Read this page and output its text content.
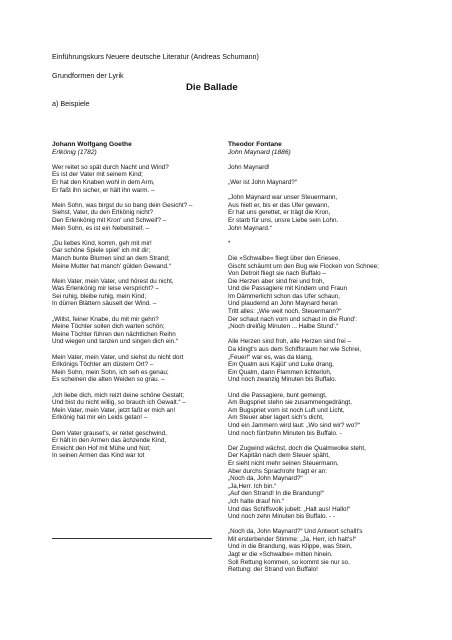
Einführungskurs Neuere deutsche Literatur (Andreas Schumann)
Grundformen der Lyrik
Die Ballade
a) Beispiele
Johann Wolfgang Goethe
Erlkönig (1782)
Wer reitet so spät durch Nacht und Wind?
Es ist der Vater mit seinem Kind;
Er hat den Knaben wohl in dem Arm,
Er faßt ihn sicher, er hält ihn warm. –
Mein Sohn, was birgst du so bang dein Gesicht? –
Siehst, Vater, du den Erlkönig nicht?
Den Erlenkönig mit Kron' und Schweif? –
Mein Sohn, es ist ein Nebelstreif. –
„Du liebes Kind, komm, geh mit mir!
Gar schöne Spiele spiel' ich mit dir;
Manch bunte Blumen sind an dem Strand;
Meine Mutter hat manch' gülden Gewand.“
Mein Vater, mein Vater, und hörest du nicht,
Was Erlenkönig mir leise verspricht? –
Sei ruhig, bleibe ruhig, mein Kind;
In dürren Blättern säuselt der Wind. –
„Willst, feiner Knabe, du mit mir gehn?
Meine Töchter sollen dich warten schön;
Meine Töchter führen den nächtlichen Reihn
Und wiegen und tanzen und singen dich ein.“
Mein Vater, mein Vater, und siehst du nicht dort
Erlkönigs Töchter am düstern Ort? –
Mein Sohn, mein Sohn, ich seh es genau;
Es scheinen die alten Weiden so grau. –
„Ich liebe dich, mich reizt deine schöne Gestalt;
Und bist du nicht willig, so brauch ich Gewalt.“ –
Mein Vater, mein Vater, jetzt faßt er mich an!
Erlkönig hat mir ein Leids getan! –
Dem Vater grauset's, er reitet geschwind,
Er hält in den Armen das ächzende Kind,
Erreicht den Hof mit Mühe und Not;
In seinen Armen das Kind war tot
Theodor Fontane
John Maynard (1886)
John Maynard!
„Wer ist John Maynard?“
„John Maynard war unser Steuermann,
Aus hielt er, bis er das Ufer gewann,
Er hat uns gerettet, er trägt die Kron,
Er starb für uns, unsre Liebe sein Lohn.
John Maynard.“
*
Die »Schwalbe« fliegt über den Eriesee,
Gischt schäumt um den Bug wie Flocken von Schnee;
Von Detroit fliegt sie nach Buffalo –
Die Herzen aber sind frei und froh,
Und die Passagiere mit Kindern und Fraun
Im Dämmerlicht schon das Ufer schaun,
Und plaudernd an John Maynard heran
Tritt alles: „Wie weit noch, Steuermann?“
Der schaut nach vorn und schaut in die Rund':
„Noch dreißig Minuten ... Halbe Stund'.“
Alle Herzen sind froh, alle Herzen sind frei –
Da klingt's aus dem Schiffsraum her wie Schrei,
„Feuer!“ war es, was da klang,
Ein Qualm aus Kajüt' und Luke drang,
Ein Qualm, dann Flammen lichterloh,
Und noch zwanzig Minuten bis Buffalo.
Und die Passagiere, bunt gemengt,
Am Bugspriet stehn sie zusammengedrängt,
Am Bugspriet vorn ist noch Luft und Licht,
Am Steuer aber lagert sich's dicht,
Und ein Jammern wird laut: „Wo sind wir? wo?“
Und noch fünfzehn Minuten bis Buffalo. -
Der Zugwind wächst, doch die Qualmwolke steht,
Der Kapitän nach dem Steuer späht,
Er sieht nicht mehr seinen Steuermann,
Aber durchs Sprachrohr fragt er an:
„Noch da, John Maynard?“
„Ja,Herr. Ich bin.“
„Auf den Strand! In die Brandung!“
„Ich halte drauf hin.“
Und das Schiffsvolk jubelt: „Halt aus! Hallo!“
Und noch zehn Minuten bis Buffalo. - -
„Noch da, John Maynard?“ Und Antwort schallt's
Mit ersterbender Stimme: „Ja, Herr, ich halt's!“
Und in die Brandung, was Klippe, was Stein,
Jagt er die »Schwalbe« mitten hinein.
Soll Rettung kommen, so kommt sie nur so.
Rettung: der Strand von Buffalo!
